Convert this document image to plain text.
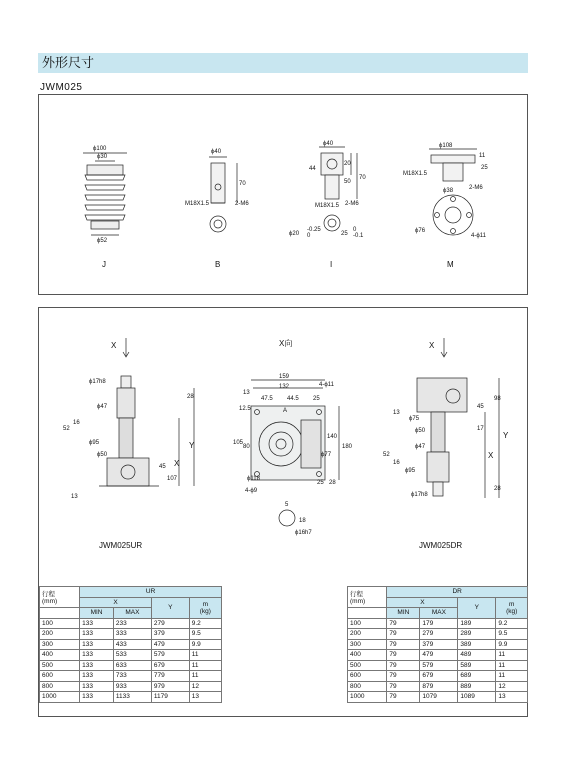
外形尺寸
JWM025
ϕ100
ϕ30
ϕ52
ϕ40
70
M18X1.5	2-M6
ϕ40
44
20
50
70
M18X1.5 2-M6
ϕ20
-0.25
0	25
0
-0.1
ϕ108
11
25
M18X1.5
2-M6
ϕ38
ϕ76
4-ϕ11
J	B	I	M
ϕ17h8
28
ϕ47
52
16
ϕ95
ϕ50
45
107
13
Y
X
X
JWM025UR
X向
159
13
132	4-ϕ11
12.5
47.5 44.5 25
A
105
80
140
180
ϕ77
ϕ118
4-ϕ9
25 28
5
18
ϕ16h7
98
45
13
ϕ75
ϕ50	17
ϕ47
52
16
ϕ95
ϕ17h8
28
Y
X
X
JWM025DR
行程
(mm)	UR			
	X		Y	m
(kg)
	MIN	MAX		
100	133	233	279	9.2
200	133	333	379	9.5
300	133	433	479	9.9
400	133	533	579	11
500	133	633	679	11
600	133	733	779	11
800	133	933	979	12
1000	133	1133	1179	13
行程
(mm)	DR			
	X		Y	m
(kg)
	MIN	MAX		
100	79	179	189	9.2
200	79	279	289	9.5
300	79	379	389	9.9
400	79	479	489	11
500	79	579	589	11
600	79	679	689	11
800	79	879	889	12
1000	79	1079	1089	13
